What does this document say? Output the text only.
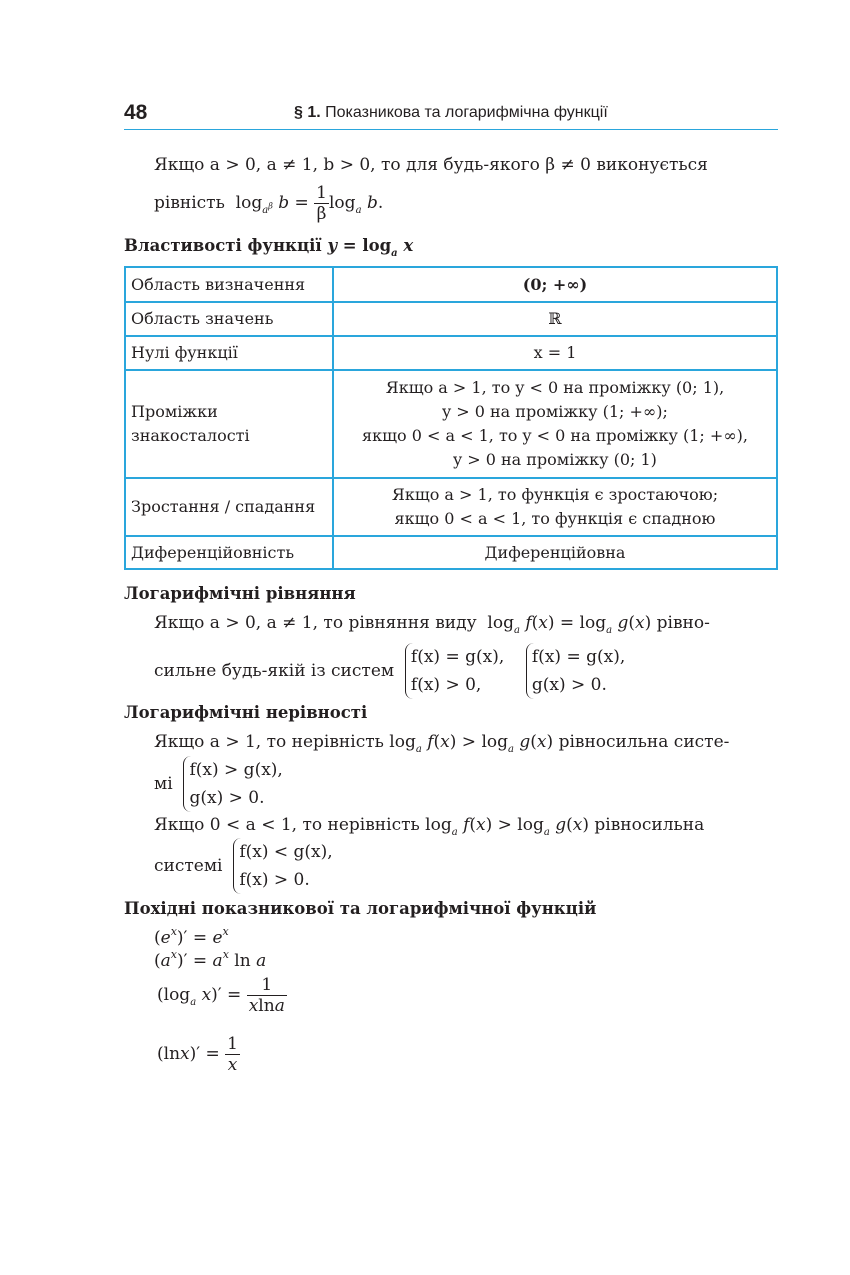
48	§ 1. Показникова та логарифмічна функції
Якщо a > 0, a ≠ 1, b > 0, то для будь-якого β ≠ 0 виконується
рівність $\log_{a^\beta} b = \frac{1}{\beta} \log_a b$.
Властивості функції $y = \log_a x$
Область визначення	(0; +∞)
Область значень	ℝ
Нулі функції	x = 1
Проміжки знакосталості	Якщо a > 1, то y < 0 на проміжку (0; 1),
y > 0 на проміжку (1; +∞);
якщо 0 < a < 1, то y < 0 на проміжку (1; +∞),
y > 0 на проміжку (0; 1)

Зростання / спадання	Якщо a > 1, то функція є зростаючою;
якщо 0 < a < 1, то функція є спадною

Диференційовність	Диференційовна
Логарифмічні рівняння
Якщо a > 0, a ≠ 1, то рівняння виду $\log_a f(x) = \log_a g(x)$ рівно-
сильне будь-якій із систем
f(x) = g(x),
f(x) > 0,

f(x) = g(x),
g(x) > 0.
Логарифмічні нерівності
Якщо a > 1, то нерівність $\log_a f(x) > \log_a g(x)$ рівносильна систе-
мі
f(x) > g(x),
g(x) > 0.
Якщо 0 < a < 1, то нерівність $\log_a f(x) > \log_a g(x)$ рівносильна
системі
f(x) < g(x),
f(x) > 0.
Похідні показникової та логарифмічної функцій
$(e^x)' = e^x$
$(a^x)' = a^x$ ln a
($\log_a$ $x)' = \frac{1}{xlna}$
$(\ln x)' = \frac{1}{x}$
